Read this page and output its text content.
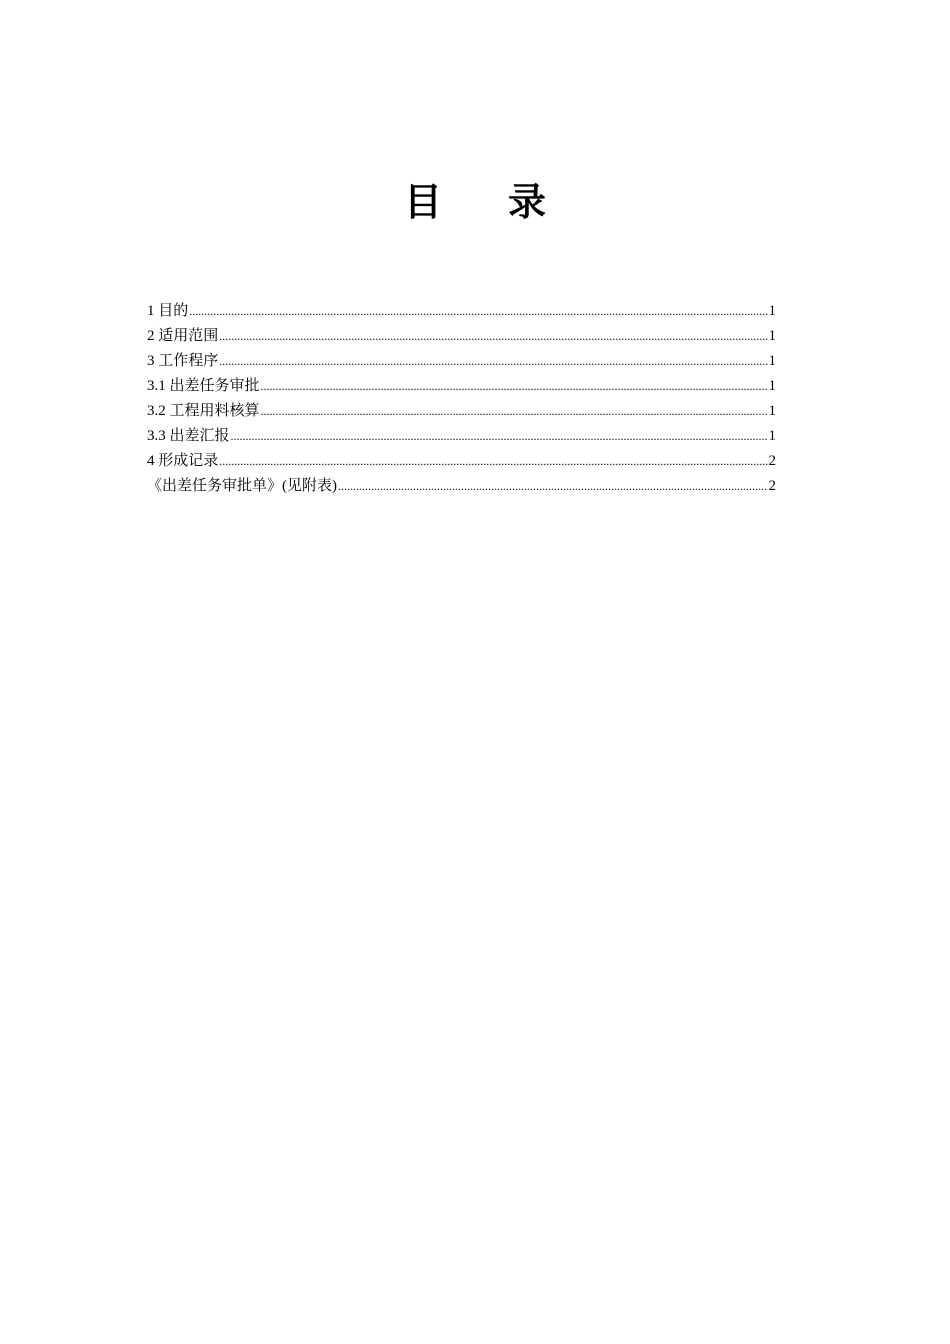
目 录
1 目的 .....	1
2 适用范围 .....	1
3 工作程序 .....	1
3.1 出差任务审批 .....	1
3.2 工程用料核算 .....	1
3.3 出差汇报 .....	1
4 形成记录 .....	2
《出差任务审批单》(见附表) .....	2
